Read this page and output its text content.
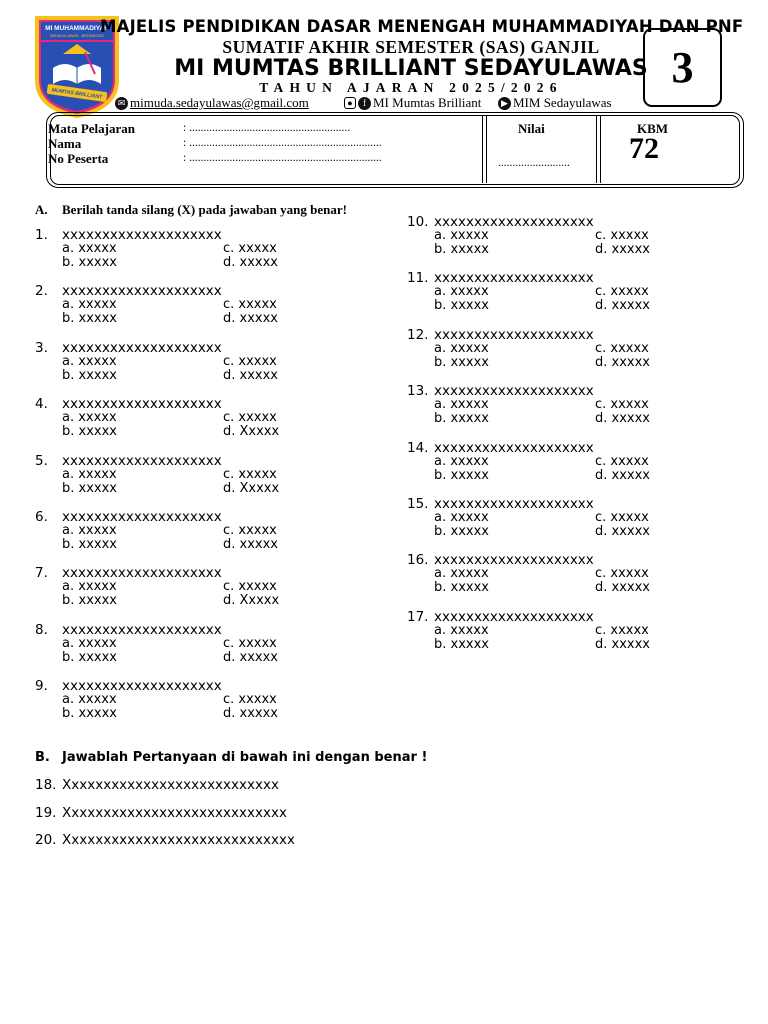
MI MUHAMMADIYAH
SEDAYULAWAS - BRONDONG
MUMTAS BRILLIANT
MAJELIS PENDIDIKAN DASAR MENENGAH MUHAMMADIYAH DAN PNF
SUMATIF AKHIR SEMESTER (SAS) GANJIL
MI MUMTAS BRILLIANT SEDAYULAWAS
TAHUN AJARAN 2025/2026	3
✉ mimuda.sedayulawas@gmail.com	●	f MI Mumtas Brilliant	▶ MIM Sedayulawas
Mata Pelajaran	: ........................................................
Nama	: ...................................................................
No Peserta	: ...................................................................
Nilai
.........................
KBM
72
A. Berilah tanda silang (X) pada jawaban yang benar!
1. xxxxxxxxxxxxxxxxxxxx
a. xxxxx	c. xxxxx
b. xxxxx	d. xxxxx
2. xxxxxxxxxxxxxxxxxxxx
a. xxxxx	c. xxxxx
b. xxxxx	d. xxxxx
3. xxxxxxxxxxxxxxxxxxxx
a. xxxxx	c. xxxxx
b. xxxxx	d. xxxxx
4. xxxxxxxxxxxxxxxxxxxx
a. xxxxx	c. xxxxx
b. xxxxx	d. Xxxxx
5. xxxxxxxxxxxxxxxxxxxx
a. xxxxx	c. xxxxx
b. xxxxx	d. Xxxxx
6. xxxxxxxxxxxxxxxxxxxx
a. xxxxx	c. xxxxx
b. xxxxx	d. xxxxx
7. xxxxxxxxxxxxxxxxxxxx
a. xxxxx	c. xxxxx
b. xxxxx	d. Xxxxx
8. xxxxxxxxxxxxxxxxxxxx
a. xxxxx	c. xxxxx
b. xxxxx	d. xxxxx
9. xxxxxxxxxxxxxxxxxxxx
a. xxxxx	c. xxxxx
b. xxxxx	d. xxxxx
10. xxxxxxxxxxxxxxxxxxxx
a. xxxxx	c. xxxxx
b. xxxxx	d. xxxxx
11. xxxxxxxxxxxxxxxxxxxx
a. xxxxx	c. xxxxx
b. xxxxx	d. xxxxx
12. xxxxxxxxxxxxxxxxxxxx
a. xxxxx	c. xxxxx
b. xxxxx	d. xxxxx
13. xxxxxxxxxxxxxxxxxxxx
a. xxxxx	c. xxxxx
b. xxxxx	d. xxxxx
14. xxxxxxxxxxxxxxxxxxxx
a. xxxxx	c. xxxxx
b. xxxxx	d. xxxxx
15. xxxxxxxxxxxxxxxxxxxx
a. xxxxx	c. xxxxx
b. xxxxx	d. xxxxx
16. xxxxxxxxxxxxxxxxxxxx
a. xxxxx	c. xxxxx
b. xxxxx	d. xxxxx
17. xxxxxxxxxxxxxxxxxxxx
a. xxxxx	c. xxxxx
b. xxxxx	d. xxxxx
B. Jawablah Pertanyaan di bawah ini dengan benar !
18. Xxxxxxxxxxxxxxxxxxxxxxxxxxx
19. Xxxxxxxxxxxxxxxxxxxxxxxxxxxx
20. Xxxxxxxxxxxxxxxxxxxxxxxxxxxxx
